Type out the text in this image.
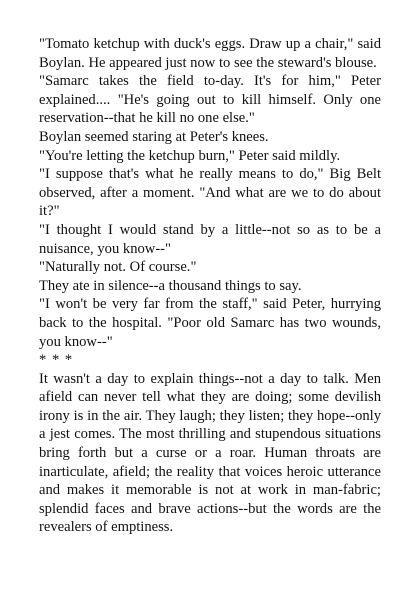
"Tomato ketchup with duck's eggs. Draw up a chair," said Boylan. He appeared just now to see the steward's blouse.

"Samarc takes the field to-day. It's for him," Peter explained.... "He's going out to kill himself. Only one reservation--that he kill no one else."

Boylan seemed staring at Peter's knees.

"You're letting the ketchup burn," Peter said mildly.

"I suppose that's what he really means to do," Big Belt observed, after a moment. "And what are we to do about it?"

"I thought I would stand by a little--not so as to be a nuisance, you know--"

"Naturally not. Of course."

They ate in silence--a thousand things to say.

"I won't be very far from the staff," said Peter, hurrying back to the hospital. "Poor old Samarc has two wounds, you know--"

* * *

It wasn't a day to explain things--not a day to talk. Men afield can never tell what they are doing; some devilish irony is in the air. They laugh; they listen; they hope--only a jest comes. The most thrilling and stupendous situations bring forth but a curse or a roar. Human throats are inarticulate, afield; the reality that voices heroic utterance and makes it memorable is not at work in man-fabric; splendid faces and brave actions--but the words are the revealers of emptiness.
